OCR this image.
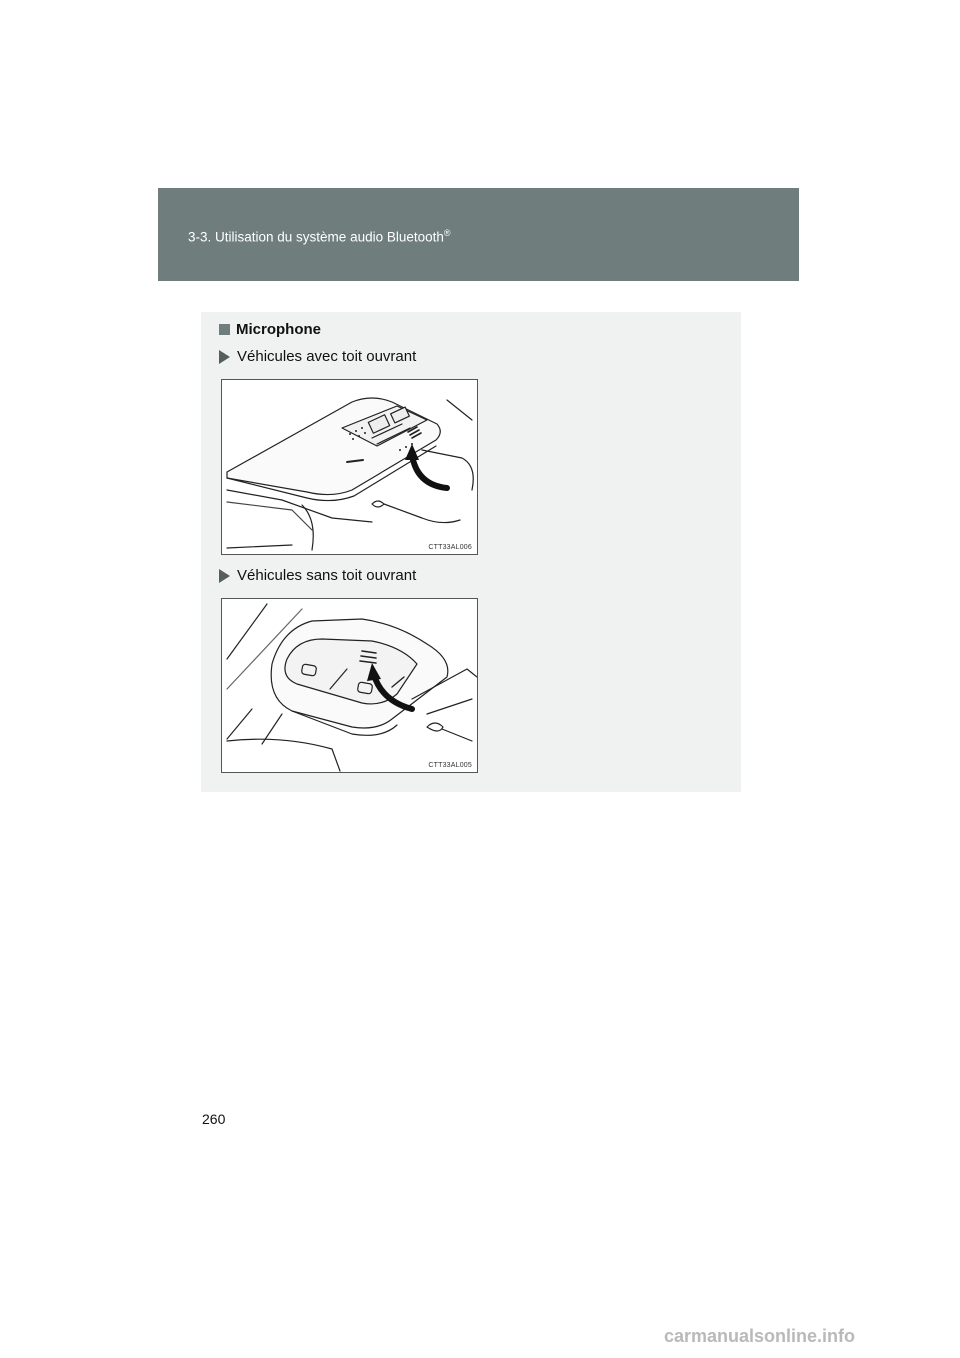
3-3. Utilisation du système audio Bluetooth®
Microphone
Véhicules avec toit ouvrant
CTT33AL006
Véhicules sans toit ouvrant
CTT33AL005
260
carmanualsonline.info
